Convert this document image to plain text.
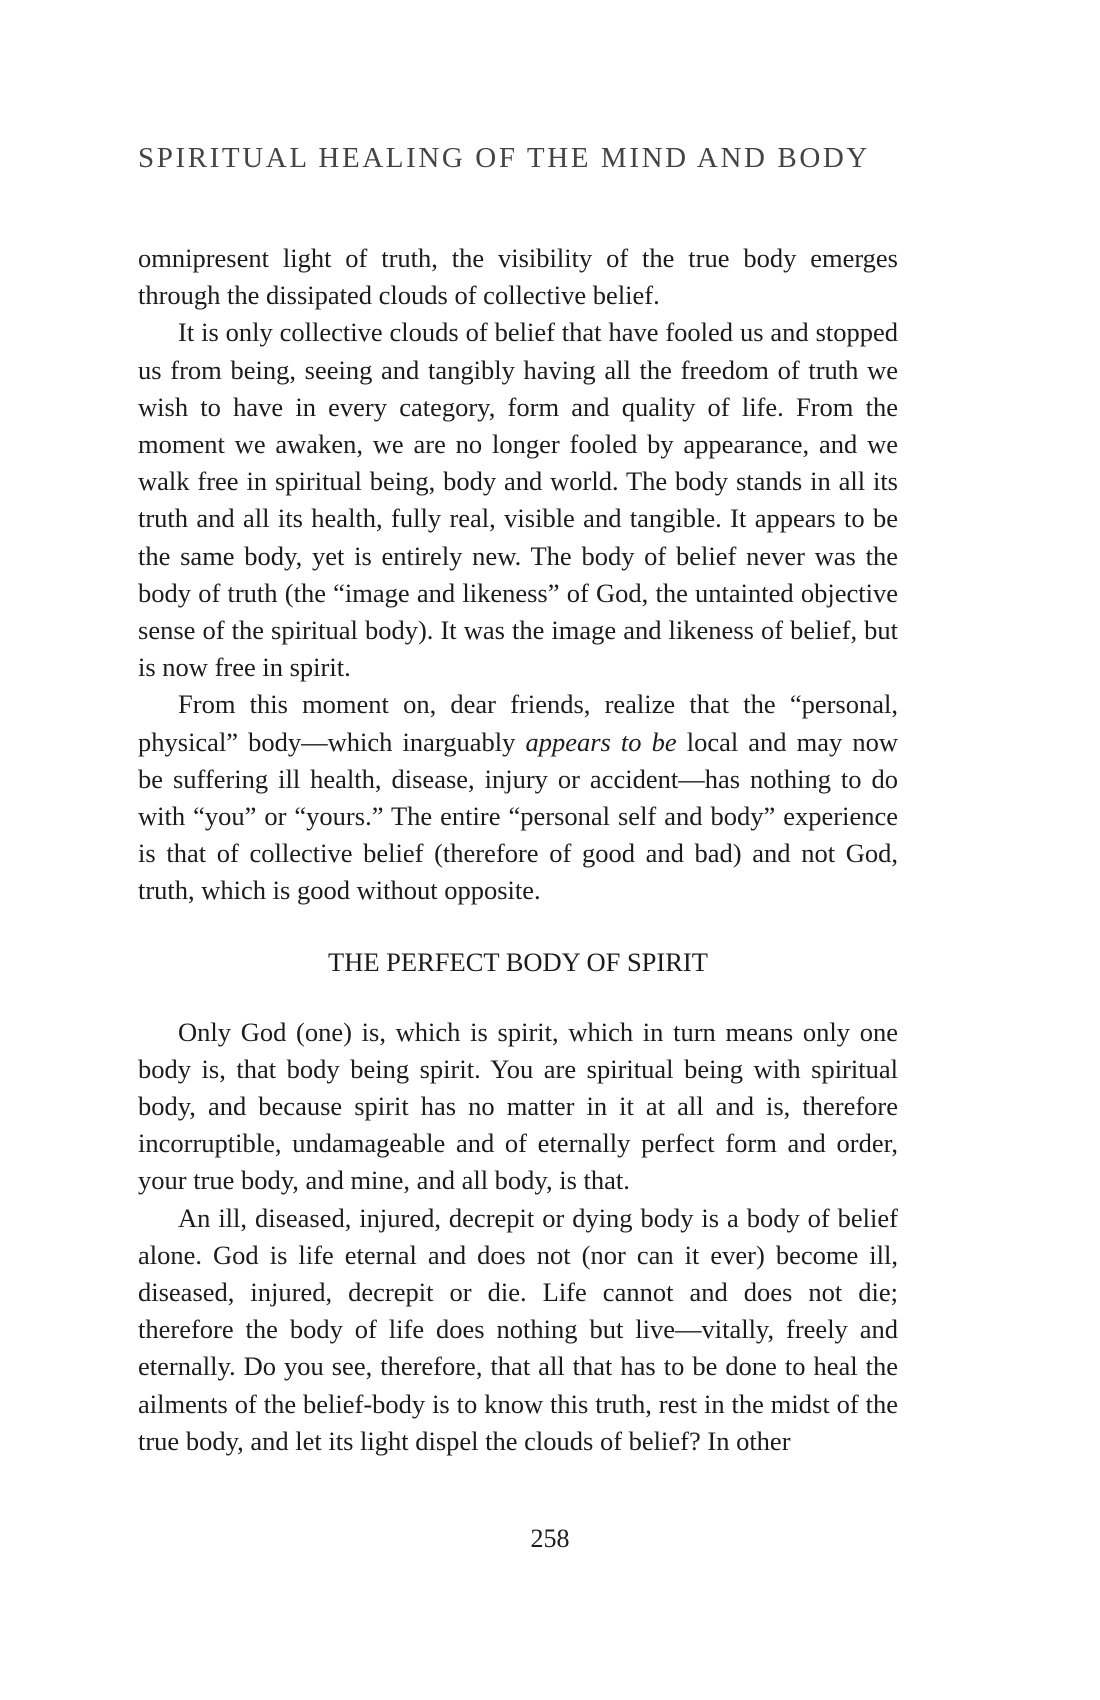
SPIRITUAL HEALING OF THE MIND AND BODY

omnipresent light of truth, the visibility of the true body emerges through the dissipated clouds of collective belief.

It is only collective clouds of belief that have fooled us and stopped us from being, seeing and tangibly having all the freedom of truth we wish to have in every category, form and quality of life. From the moment we awaken, we are no longer fooled by appearance, and we walk free in spiritual being, body and world. The body stands in all its truth and all its health, fully real, visible and tangible. It appears to be the same body, yet is entirely new. The body of belief never was the body of truth (the “image and likeness” of God, the untainted objective sense of the spiritual body). It was the image and likeness of belief, but is now free in spirit.

From this moment on, dear friends, realize that the “personal, physical” body—which inarguably appears to be local and may now be suffering ill health, disease, injury or accident—has nothing to do with “you” or “yours.” The entire “personal self and body” experience is that of collective belief (therefore of good and bad) and not God, truth, which is good without opposite.

THE PERFECT BODY OF SPIRIT

Only God (one) is, which is spirit, which in turn means only one body is, that body being spirit. You are spiritual being with spiritual body, and because spirit has no matter in it at all and is, therefore incorruptible, undamageable and of eternally perfect form and order, your true body, and mine, and all body, is that.

An ill, diseased, injured, decrepit or dying body is a body of belief alone. God is life eternal and does not (nor can it ever) become ill, diseased, injured, decrepit or die. Life cannot and does not die; therefore the body of life does nothing but live—vitally, freely and eternally. Do you see, therefore, that all that has to be done to heal the ailments of the belief-body is to know this truth, rest in the midst of the true body, and let its light dispel the clouds of belief? In other

258
